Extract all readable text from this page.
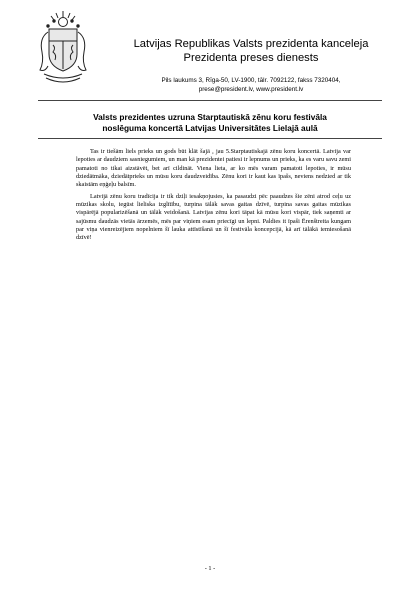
Latvijas Republikas Valsts prezidenta kanceleja
Prezidenta preses dienests
Pils laukums 3, Rīga-50, LV-1900, tālr. 7092122, fakss 7320404,
prese@president.lv, www.president.lv
Valsts prezidentes uzruna Starptautiskā zēnu koru festivāla
noslēguma koncertā Latvijas Universitātes Lielajā aulā

Tas ir tiešām liels prieks un gods būt klāt šajā , jau 5.Starptautiskajā zēnu koru koncertā. Latvija var lepoties ar daudziem sasniegumiem, un man kā prezidentei patiesi ir lepnums un prieks, ka es varu savu zemi pamatoti no tikai aizstāvēt, bet arī cildināt. Viena lieta, ar ko mēs varam pamatoti lepoties, ir mūsu dziedātmāka, dziedātprieks un mūsu koru daudzveidība. Zēnu kori ir kaut kas īpašs, neviens nedzied ar tik skaistām eņģeļu balsīm.

Latvijā zēnu koru tradīcija ir tik dziļi iesakņojusies, ka pasaudzi pēc paaudzes šie zēni atrod ceļu uz mūzikas skolu, iegūst lieliska izglītību, turpina tālāk savas gaitas dzīvē, turpina savas gaitas mūzikas vispārējā popularizēšanā un tālāk veidošanā. Latvijas zēnu kori tāpat kā mūsu kori vispār, tiek saņemti ar sajūsmu daudzās vietās ārzemēs, mēs par viņiem esam priecīgi un lepni. Paldies it īpaši Ērenštreita kungam par viņa vienreizējiem nopelniem šī lauka attīstīšanā un šī festivāla koncepcijā, kā arī tālākā iemiesošanā dzīvē!

- 1 -
